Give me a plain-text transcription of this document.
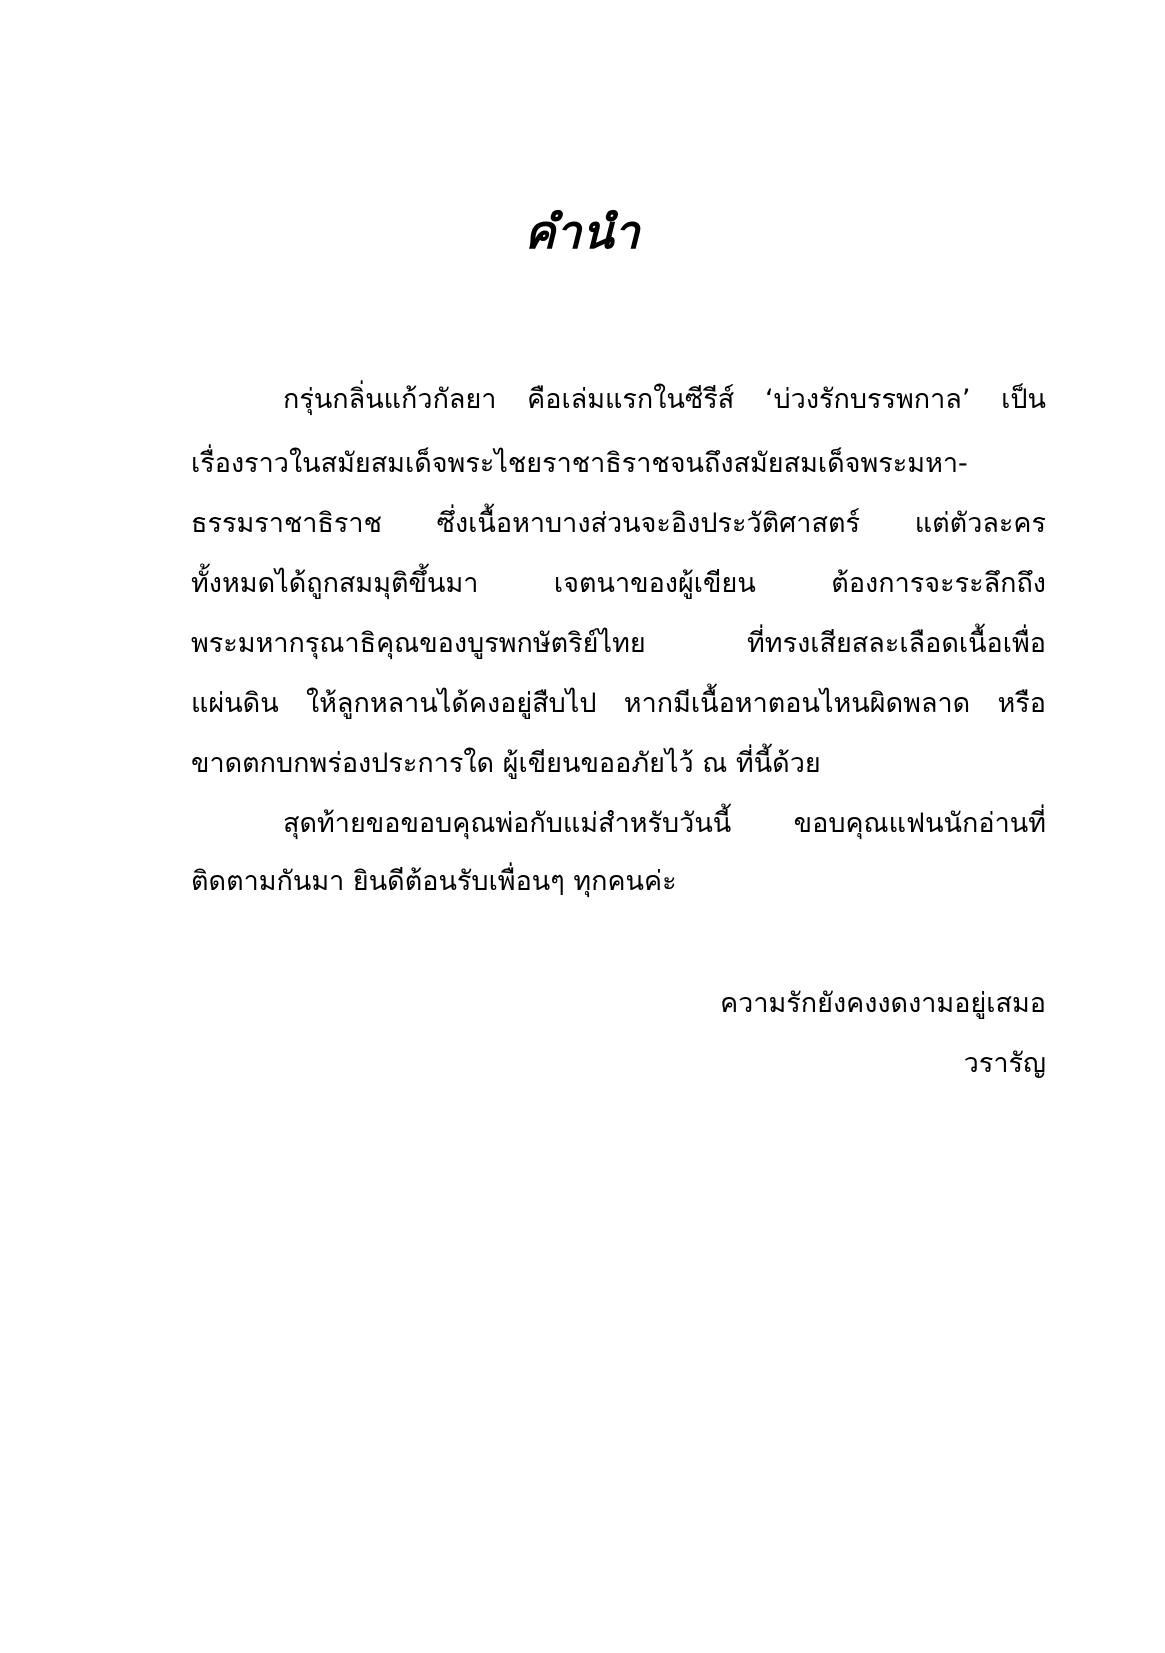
คำนำ
กรุ่นกลิ่นแก้วกัลยา คือเล่มแรกในซีรีส์ ‘บ่วงรักบรรพกาล’ เป็น
เรื่องราวในสมัยสมเด็จพระไชยราชาธิราชจนถึงสมัยสมเด็จพระมหา-
ธรรมราชาธิราช ซึ่งเนื้อหาบางส่วนจะอิงประวัติศาสตร์ แต่ตัวละคร
ทั้งหมดได้ถูกสมมุติขึ้นมา เจตนาของผู้เขียน ต้องการจะระลึกถึง
พระมหากรุณาธิคุณของบูรพกษัตริย์ไทย ที่ทรงเสียสละเลือดเนื้อเพื่อ
แผ่นดิน ให้ลูกหลานได้คงอยู่สืบไป หากมีเนื้อหาตอนไหนผิดพลาด หรือ
ขาดตกบกพร่องประการใด ผู้เขียนขออภัยไว้ ณ ที่นี้ด้วย
สุดท้ายขอขอบคุณพ่อกับแม่สำหรับวันนี้ ขอบคุณแฟนนักอ่านที่
ติดตามกันมา ยินดีต้อนรับเพื่อนๆ ทุกคนค่ะ
ความรักยังคงงดงามอยู่เสมอ
วรารัญ
